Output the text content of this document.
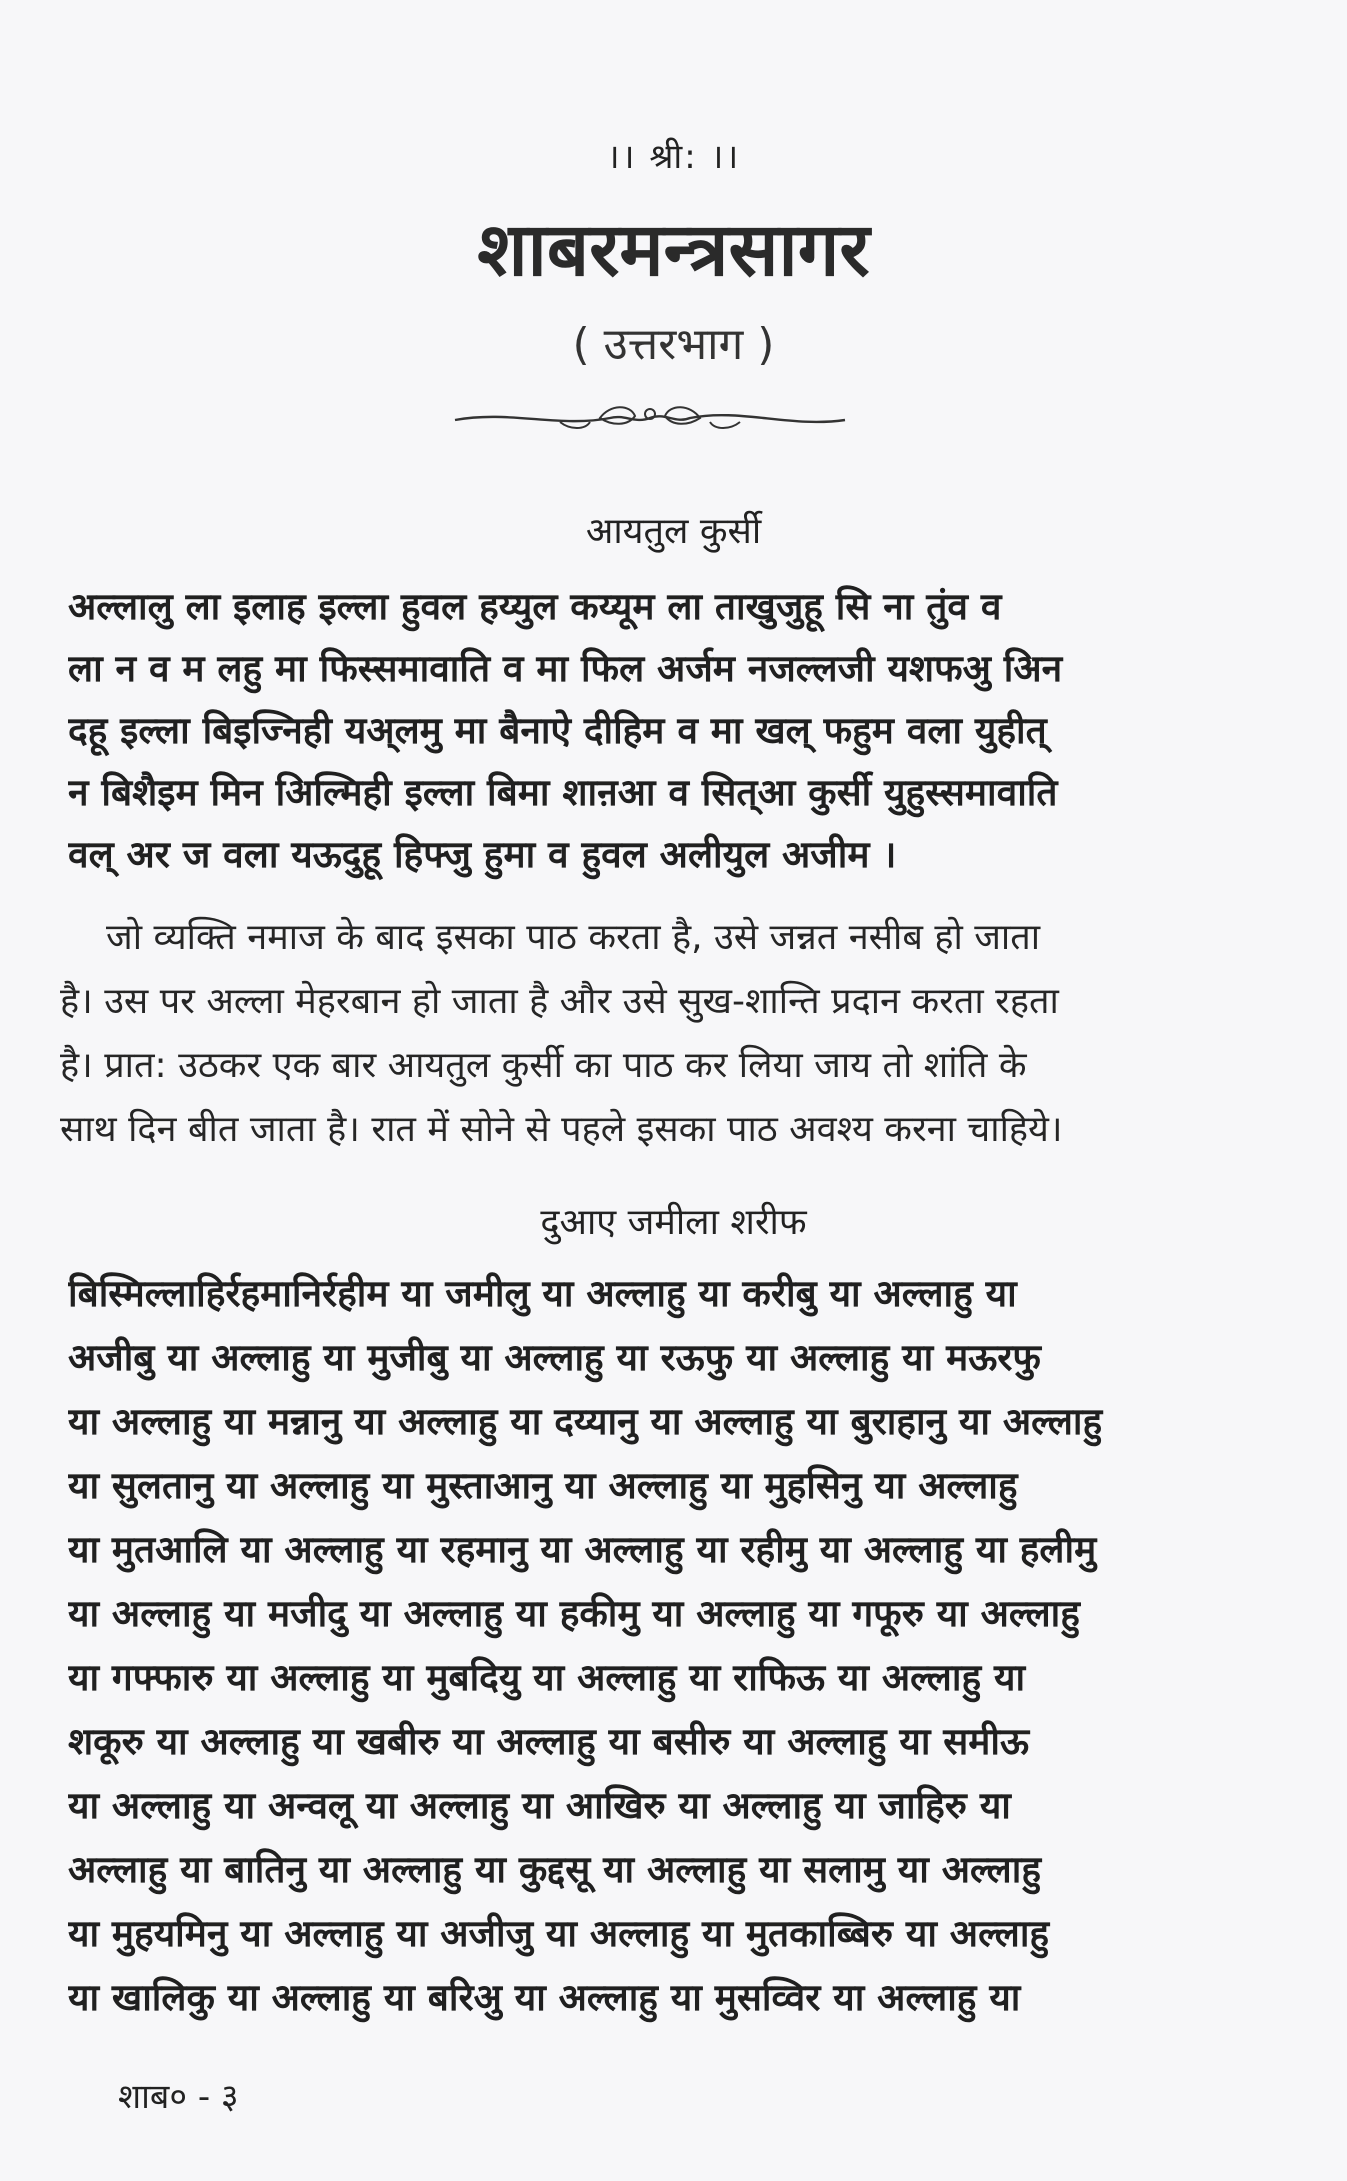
।। श्री: ।।
शाबरमन्त्रसागर
( उत्तरभाग )
आयतुल कुर्सी
अल्लालु ला इलाह इल्ला हुवल हय्युल कय्यूम ला ताखुजुहू सि ना तुंव व
ला न व म लहु मा फिस्समावाति व मा फिल अर्जम नजल्लजी यशफअु अिन
दहू इल्ला बिइज्निही यअ्लमु मा बैनाऐ दीहिम व मा खल् फहुम वला युहीत्
न बिशैइम मिन अिल्मिही इल्ला बिमा शाऩआ व सित्आ कुर्सी युहुस्समावाति
वल् अर ज वला यऊदुहू हिफ्जु हुमा व हुवल अलीयुल अजीम ।
जो व्यक्ति नमाज के बाद इसका पाठ करता है, उसे जन्नत नसीब हो जाता
है। उस पर अल्ला मेहरबान हो जाता है और उसे सुख-शान्ति प्रदान करता रहता
है। प्रात: उठकर एक बार आयतुल कुर्सी का पाठ कर लिया जाय तो शांति के
साथ दिन बीत जाता है। रात में सोने से पहले इसका पाठ अवश्य करना चाहिये।
दुआए जमीला शरीफ
बिस्मिल्लाहिर्रहमानिर्रहीम या जमीलु या अल्लाहु या करीबु या अल्लाहु या
अजीबु या अल्लाहु या मुजीबु या अल्लाहु या रऊफु या अल्लाहु या मऊरफु
या अल्लाहु या मन्नानु या अल्लाहु या दय्यानु या अल्लाहु या बुराहानु या अल्लाहु
या सुलतानु या अल्लाहु या मुस्ताआनु या अल्लाहु या मुहसिनु या अल्लाहु
या मुतआलि या अल्लाहु या रहमानु या अल्लाहु या रहीमु या अल्लाहु या हलीमु
या अल्लाहु या मजीदु या अल्लाहु या हकीमु या अल्लाहु या गफूरु या अल्लाहु
या गफ्फारु या अल्लाहु या मुबदियु या अल्लाहु या राफिऊ या अल्लाहु या
शकूरु या अल्लाहु या खबीरु या अल्लाहु या बसीरु या अल्लाहु या समीऊ
या अल्लाहु या अन्वलू या अल्लाहु या आखिरु या अल्लाहु या जाहिरु या
अल्लाहु या बातिनु या अल्लाहु या कुद्दसू या अल्लाहु या सलामु या अल्लाहु
या मुहयमिनु या अल्लाहु या अजीजु या अल्लाहु या मुतकाब्बिरु या अल्लाहु
या खालिकु या अल्लाहु या बरिअु या अल्लाहु या मुसव्विर या अल्लाहु या
शाब० - ३
